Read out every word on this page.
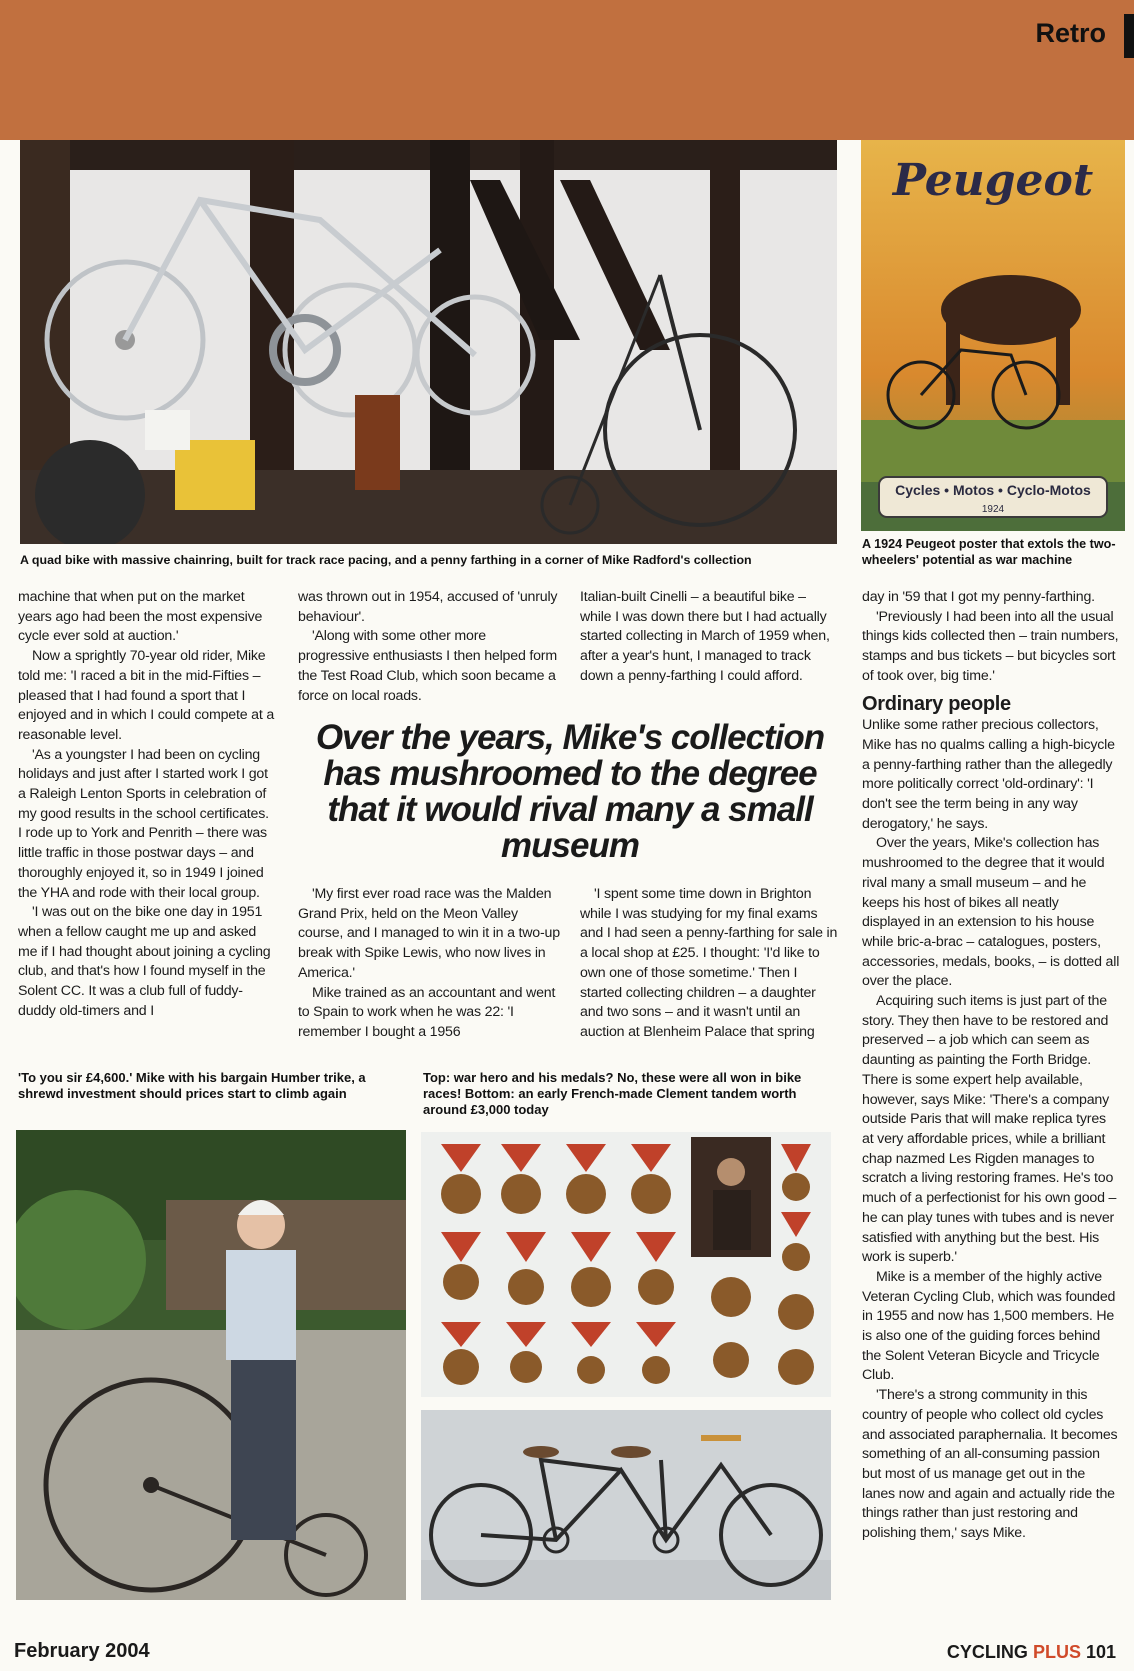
Retro
Peugeot
Cycles • Motos • Cyclo-Motos
1924
A quad bike with massive chainring, built for track race pacing, and a penny farthing in a corner of Mike Radford's collection
A 1924 Peugeot poster that extols the two-wheelers' potential as war machine

machine that when put on the market years ago had been the most expensive cycle ever sold at auction.'

Now a sprightly 70-year old rider, Mike told me: 'I raced a bit in the mid-Fifties – pleased that I had found a sport that I enjoyed and in which I could compete at a reasonable level.

'As a youngster I had been on cycling holidays and just after I started work I got a Raleigh Lenton Sports in celebration of my good results in the school certificates. I rode up to York and Penrith – there was little traffic in those postwar days – and thoroughly enjoyed it, so in 1949 I joined the YHA and rode with their local group.

'I was out on the bike one day in 1951 when a fellow caught me up and asked me if I had thought about joining a cycling club, and that's how I found myself in the Solent CC. It was a club full of fuddy-duddy old-timers and I

was thrown out in 1954, accused of 'unruly behaviour'.

'Along with some other more progressive enthusiasts I then helped form the Test Road Club, which soon became a force on local roads.

Italian-built Cinelli – a beautiful bike – while I was down there but I had actually started collecting in March of 1959 when, after a year's hunt, I managed to track down a penny-farthing I could afford.

Over the years, Mike's collection has mushroomed to the degree that it would rival many a small museum

'My first ever road race was the Malden Grand Prix, held on the Meon Valley course, and I managed to win it in a two-up break with Spike Lewis, who now lives in America.'

Mike trained as an accountant and went to Spain to work when he was 22: 'I remember I bought a 1956

'I spent some time down in Brighton while I was studying for my final exams and I had seen a penny-farthing for sale in a local shop at £25. I thought: 'I'd like to own one of those sometime.' Then I started collecting children – a daughter and two sons – and it wasn't until an auction at Blenheim Palace that spring

day in '59 that I got my penny-farthing.

'Previously I had been into all the usual things kids collected then – train numbers, stamps and bus tickets – but bicycles sort of took over, big time.'

Ordinary people

Unlike some rather precious collectors, Mike has no qualms calling a high-bicycle a penny-farthing rather than the allegedly more politically correct 'old-ordinary': 'I don't see the term being in any way derogatory,' he says.

Over the years, Mike's collection has mushroomed to the degree that it would rival many a small museum – and he keeps his host of bikes all neatly displayed in an extension to his house while bric-a-brac – catalogues, posters, accessories, medals, books, – is dotted all over the place.

Acquiring such items is just part of the story. They then have to be restored and preserved – a job which can seem as daunting as painting the Forth Bridge. There is some expert help available, however, says Mike: 'There's a company outside Paris that will make replica tyres at very affordable prices, while a brilliant chap nazmed Les Rigden manages to scratch a living restoring frames. He's too much of a perfectionist for his own good – he can play tunes with tubes and is never satisfied with anything but the best. His work is superb.'

Mike is a member of the highly active Veteran Cycling Club, which was founded in 1955 and now has 1,500 members. He is also one of the guiding forces behind the Solent Veteran Bicycle and Tricycle Club.

'There's a strong community in this country of people who collect old cycles and associated paraphernalia. It becomes something of an all-consuming passion but most of us manage get out in the lanes now and again and actually ride the things rather than just restoring and polishing them,' says Mike.

'To you sir £4,600.' Mike with his bargain Humber trike, a shrewd investment should prices start to climb again
Top: war hero and his medals? No, these were all won in bike races! Bottom: an early French-made Clement tandem worth around £3,000 today
February 2004	CYCLING PLUS 101
